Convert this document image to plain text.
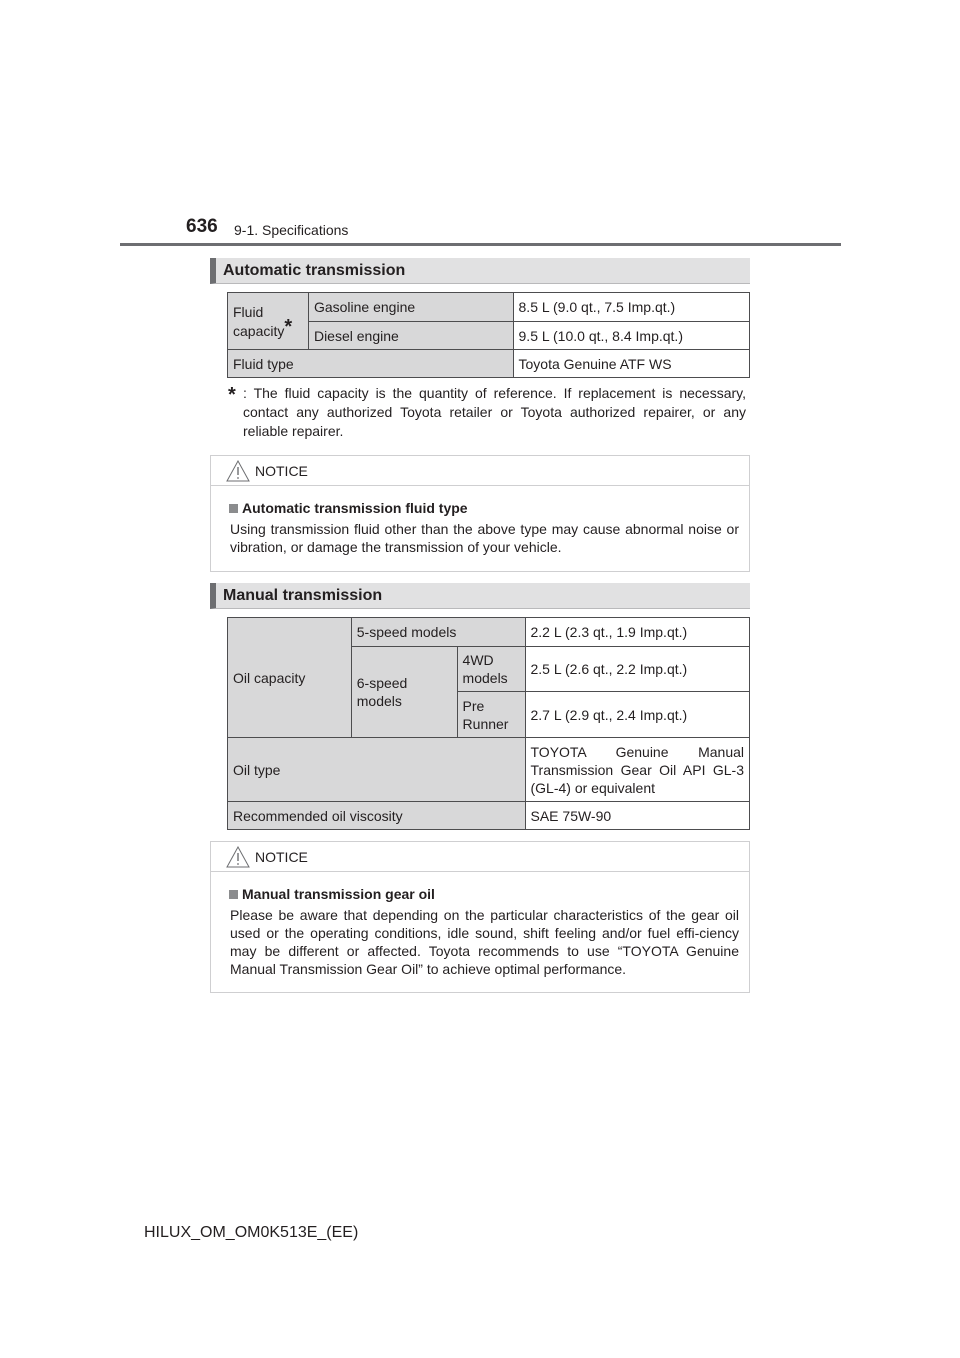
636 9-1. Specifications
Automatic transmission
Fluid capacity*	Gasoline engine	8.5 L (9.0 qt., 7.5 Imp.qt.)
	Diesel engine	9.5 L (10.0 qt., 8.4 Imp.qt.)
Fluid type		Toyota Genuine ATF WS
* : The fluid capacity is the quantity of reference. If replacement is necessary, contact any authorized Toyota retailer or Toyota authorized repairer, or any reliable repairer.
NOTICE
Automatic transmission fluid type
Using transmission fluid other than the above type may cause abnormal noise or vibration, or damage the transmission of your vehicle.
Manual transmission
Oil capacity	5-speed models		2.2 L (2.3 qt., 1.9 Imp.qt.)
	6-speed models	4WD models	2.5 L (2.6 qt., 2.2 Imp.qt.)
		Pre Runner	2.7 L (2.9 qt., 2.4 Imp.qt.)
Oil type			TOYOTA Genuine Manual Transmission Gear Oil API GL-3 (GL-4) or equivalent
Recommended oil viscosity			SAE 75W-90
NOTICE
Manual transmission gear oil
Please be aware that depending on the particular characteristics of the gear oil used or the operating conditions, idle sound, shift feeling and/or fuel effi-ciency may be different or affected. Toyota recommends to use “TOYOTA Genuine Manual Transmission Gear Oil” to achieve optimal performance.
HILUX_OM_OM0K513E_(EE)
